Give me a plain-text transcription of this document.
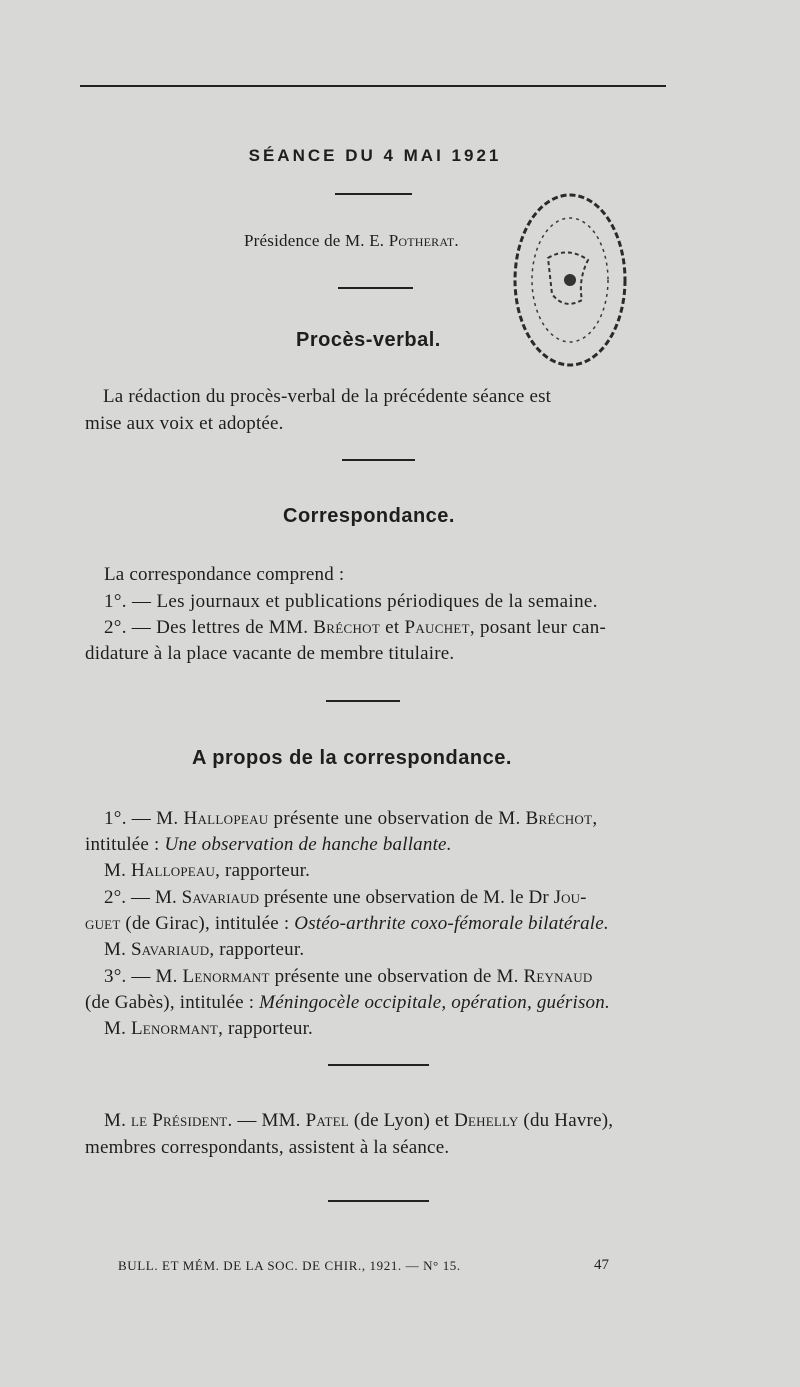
SÉANCE DU 4 MAI 1921
Présidence de M. E. Potherat.
Procès-verbal.
La rédaction du procès-verbal de la précédente séance est
mise aux voix et adoptée.
Correspondance.
La correspondance comprend :
1°. — Les journaux et publications périodiques de la semaine.
2°. — Des lettres de MM. Bréchot et Pauchet, posant leur can-
didature à la place vacante de membre titulaire.
A propos de la correspondance.
1°. — M. Hallopeau présente une observation de M. Bréchot,
intitulée : Une observation de hanche ballante.
M. Hallopeau, rapporteur.
2°. — M. Savariaud présente une observation de M. le Dr Jou-
guet (de Girac), intitulée : Ostéo-arthrite coxo-fémorale bilatérale.
M. Savariaud, rapporteur.
3°. — M. Lenormant présente une observation de M. Reynaud
(de Gabès), intitulée : Méningocèle occipitale, opération, guérison.
M. Lenormant, rapporteur.
M. le Président. — MM. Patel (de Lyon) et Dehelly (du Havre),
membres correspondants, assistent à la séance.
BULL. ET MÉM. DE LA SOC. DE CHIR., 1921. — N° 15.	47
